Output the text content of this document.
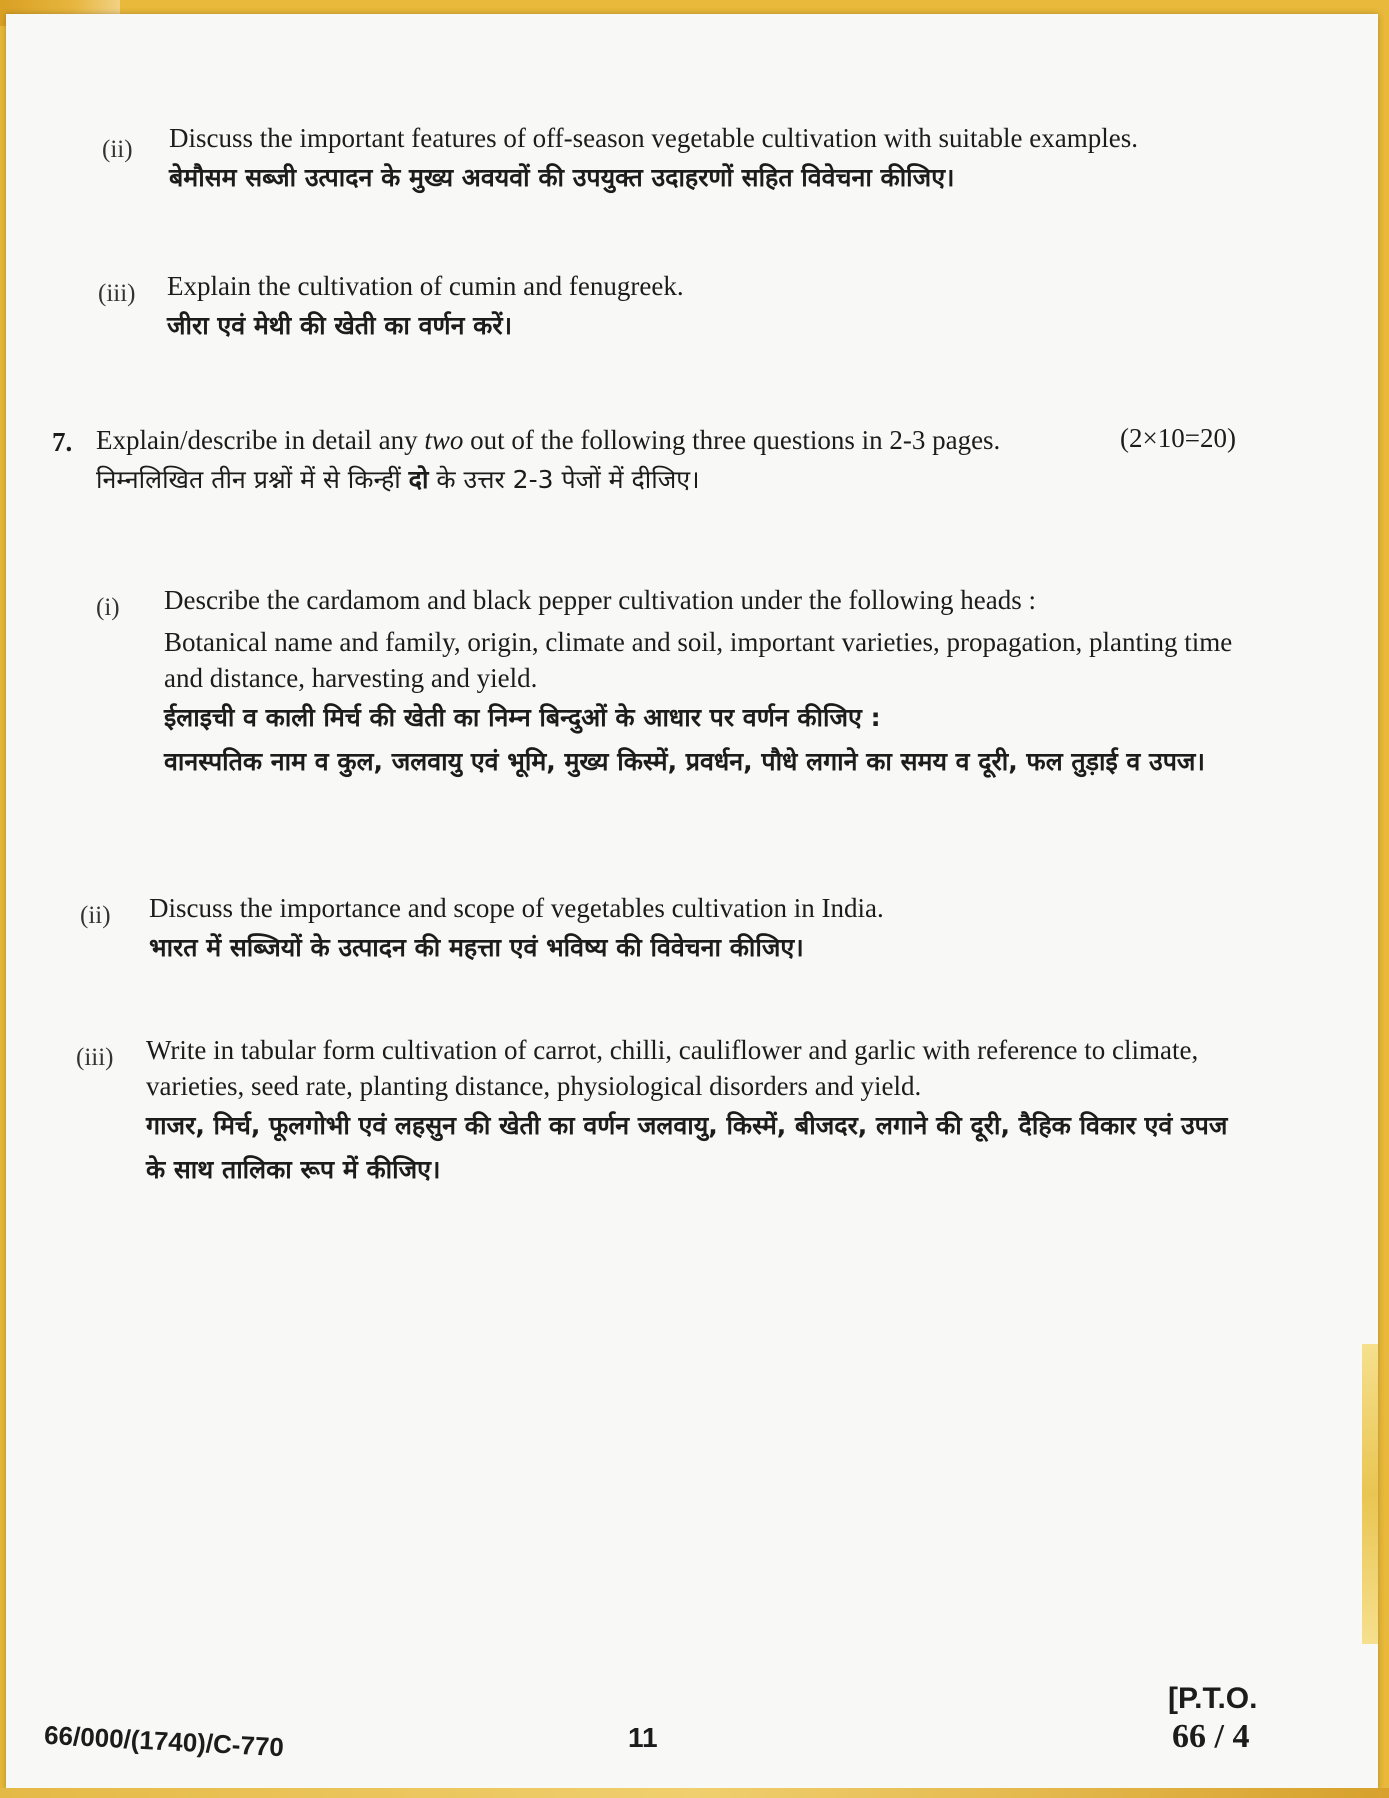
(ii) Discuss the important features of off-season vegetable cultivation with suitable examples.
बेमौसम सब्जी उत्पादन के मुख्य अवयवों की उपयुक्त उदाहरणों सहित विवेचना कीजिए।
(iii) Explain the cultivation of cumin and fenugreek.
जीरा एवं मेथी की खेती का वर्णन करें।
7. Explain/describe in detail any two out of the following three questions in 2-3 pages.
निम्नलिखित तीन प्रश्नों में से किन्हीं दो के उत्तर 2-3 पेजों में दीजिए।
(2×10=20)
(i) Describe the cardamom and black pepper cultivation under the following heads :
Botanical name and family, origin, climate and soil, important varieties, propagation, planting time and distance, harvesting and yield.
ईलाइची व काली मिर्च की खेती का निम्न बिन्दुओं के आधार पर वर्णन कीजिए :
वानस्पतिक नाम व कुल, जलवायु एवं भूमि, मुख्य किस्में, प्रवर्धन, पौधे लगाने का समय व दूरी, फल तुड़ाई व उपज।
(ii) Discuss the importance and scope of vegetables cultivation in India.
भारत में सब्जियों के उत्पादन की महत्ता एवं भविष्य की विवेचना कीजिए।
(iii) Write in tabular form cultivation of carrot, chilli, cauliflower and garlic with reference to climate, varieties, seed rate, planting distance, physiological disorders and yield.
गाजर, मिर्च, फूलगोभी एवं लहसुन की खेती का वर्णन जलवायु, किस्में, बीजदर, लगाने की दूरी, दैहिक विकार एवं उपज के साथ तालिका रूप में कीजिए।
66/000/(1740)/C-770	11
[P.T.O.
66 / 4
